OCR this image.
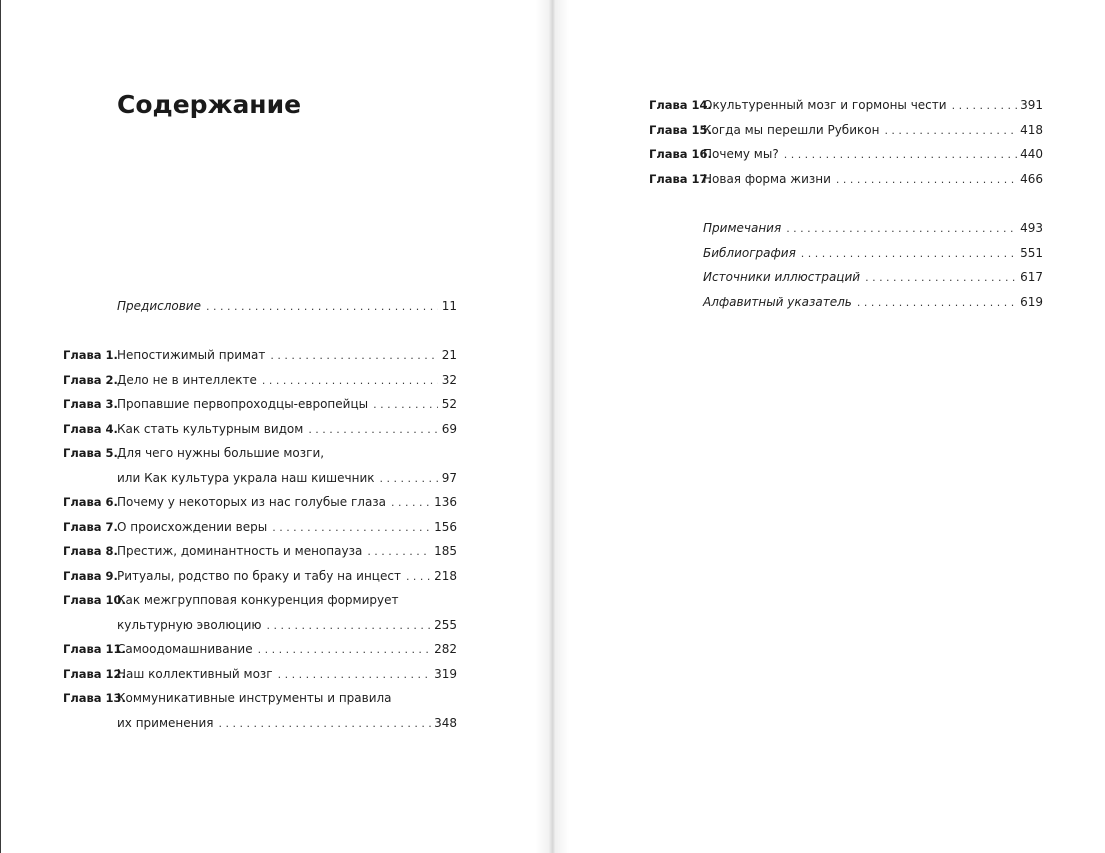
Содержание
Предисловие . . .	11
Глава 1. Непостижимый примат . . .	21
Глава 2. Дело не в интеллекте . . .	32
Глава 3. Пропавшие первопроходцы-европейцы . . .	52
Глава 4. Как стать культурным видом . . .	69
Глава 5. Для чего нужны большие мозги,
или Как культура украла наш кишечник . . .	97
Глава 6. Почему у некоторых из нас голубые глаза . . .	136
Глава 7. О происхождении веры . . .	156
Глава 8. Престиж, доминантность и менопауза . . .	185
Глава 9. Ритуалы, родство по браку и табу на инцест . . .	218
Глава 10.
Как межгрупповая конкуренция формирует
культурную эволюцию . . .	255
Глава 11.
Самоодомашнивание . . .	282
Глава 12.
Наш коллективный мозг . . .	319
Глава 13.
Коммуникативные инструменты и правила
их применения . . .	348
Глава 14.
Окультуренный мозг и гормоны чести . . .	391
Глава 15.
Когда мы перешли Рубикон . . .	418
Глава 16.
Почему мы? . . .	440
Глава 17.
Новая форма жизни . . .	466
Примечания . . .	493
Библиография . . .	551
Источники иллюстраций . . .	617
Алфавитный указатель . . .	619
